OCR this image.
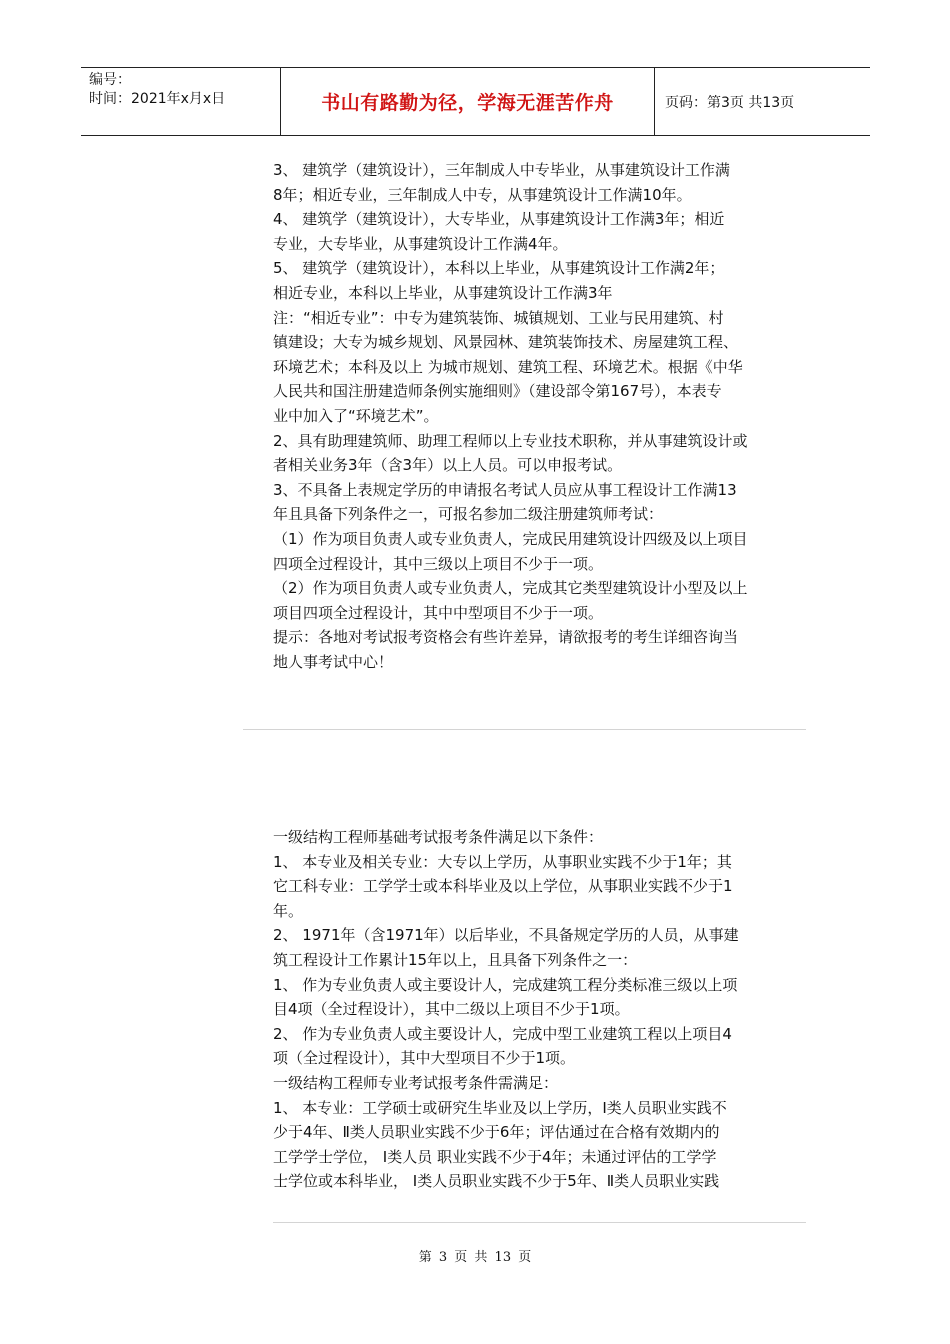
编号：
时间：2021年x月x日	书山有路勤为径，学海无涯苦作舟	页码：第3页 共13页

3、 建筑学（建筑设计），三年制成人中专毕业，从事建筑设计工作满

8年；相近专业，三年制成人中专，从事建筑设计工作满10年。

4、 建筑学（建筑设计），大专毕业，从事建筑设计工作满3年；相近

专业，大专毕业，从事建筑设计工作满4年。

5、 建筑学（建筑设计），本科以上毕业，从事建筑设计工作满2年；

相近专业，本科以上毕业，从事建筑设计工作满3年

注：“相近专业”：中专为建筑装饰、城镇规划、工业与民用建筑、村

镇建设；大专为城乡规划、风景园林、建筑装饰技术、房屋建筑工程、

环境艺术；本科及以上 为城市规划、建筑工程、环境艺术。根据《中华

人民共和国注册建造师条例实施细则》（建设部令第167号），本表专

业中加入了“环境艺术”。

2、具有助理建筑师、助理工程师以上专业技术职称，并从事建筑设计或

者相关业务3年（含3年）以上人员。可以申报考试。

3、不具备上表规定学历的申请报名考试人员应从事工程设计工作满13

年且具备下列条件之一，可报名参加二级注册建筑师考试：

（1）作为项目负责人或专业负责人，完成民用建筑设计四级及以上项目

四项全过程设计，其中三级以上项目不少于一项。

（2）作为项目负责人或专业负责人，完成其它类型建筑设计小型及以上

项目四项全过程设计，其中中型项目不少于一项。

提示：各地对考试报考资格会有些许差异，请欲报考的考生详细咨询当

地人事考试中心！

一级结构工程师基础考试报考条件满足以下条件：

1、 本专业及相关专业：大专以上学历，从事职业实践不少于1年；其

它工科专业：工学学士或本科毕业及以上学位，从事职业实践不少于1

年。

2、 1971年（含1971年）以后毕业，不具备规定学历的人员，从事建

筑工程设计工作累计15年以上，且具备下列条件之一：

1、 作为专业负责人或主要设计人，完成建筑工程分类标准三级以上项

目4项（全过程设计），其中二级以上项目不少于1项。

2、 作为专业负责人或主要设计人，完成中型工业建筑工程以上项目4

项（全过程设计），其中大型项目不少于1项。

一级结构工程师专业考试报考条件需满足：

1、 本专业：工学硕士或研究生毕业及以上学历，Ⅰ类人员职业实践不

少于4年、Ⅱ类人员职业实践不少于6年；评估通过在合格有效期内的

工学学士学位， Ⅰ类人员 职业实践不少于4年；未通过评估的工学学

士学位或本科毕业， Ⅰ类人员职业实践不少于5年、Ⅱ类人员职业实践

第 3 页 共 13 页
